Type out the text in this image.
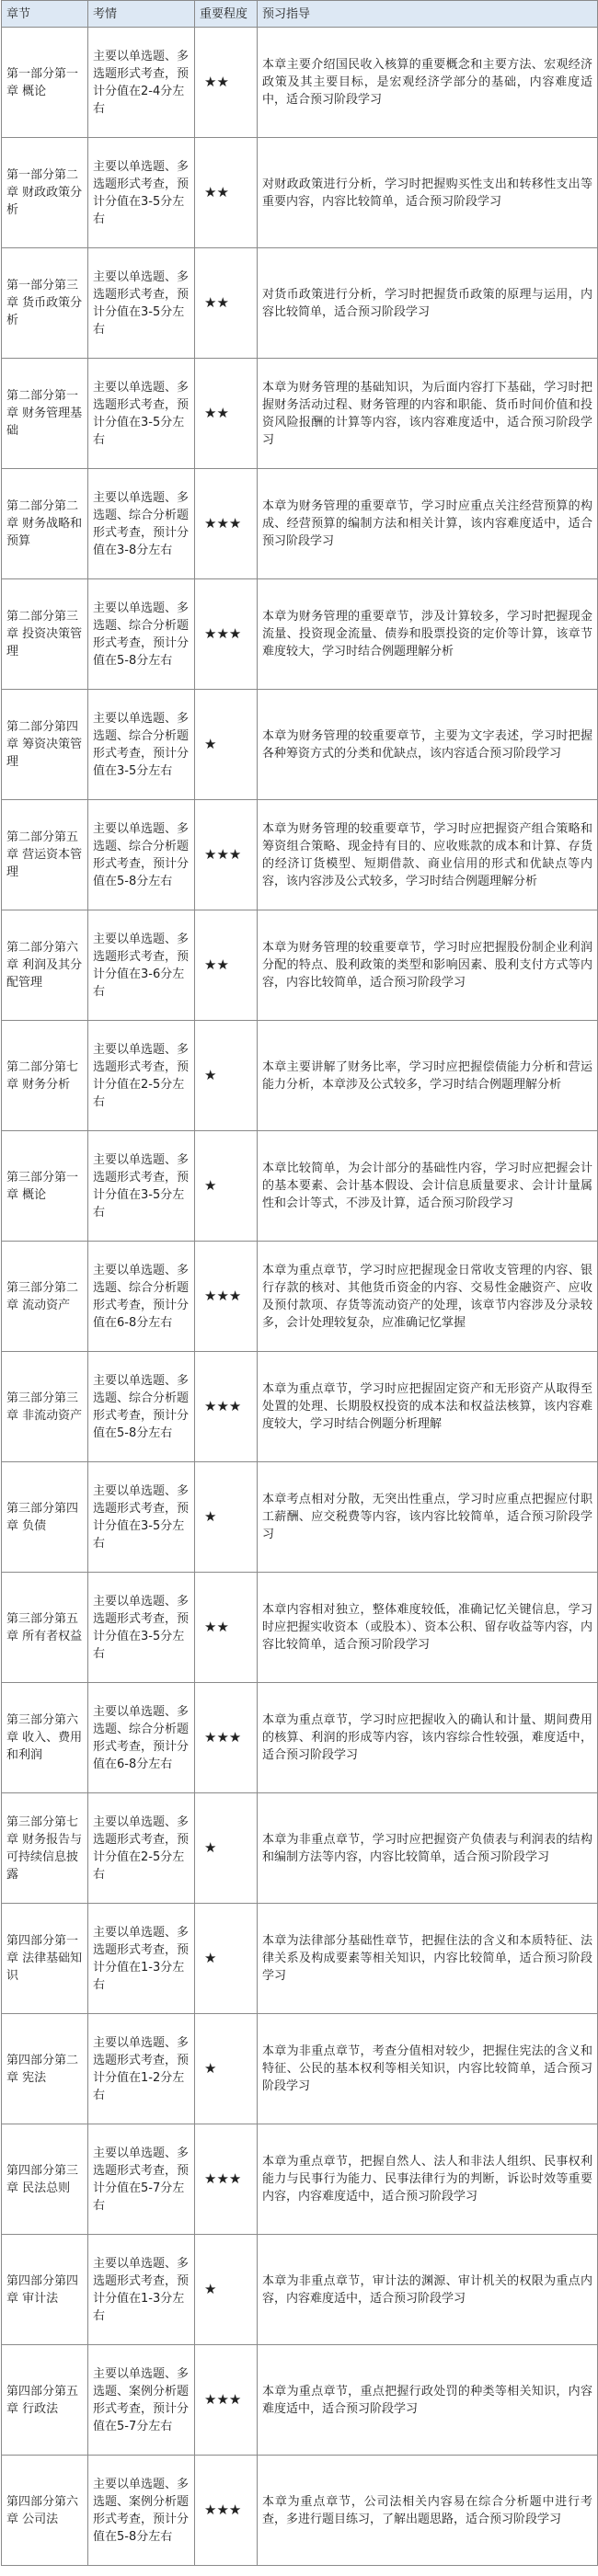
章节	考情	重要程度	预习指导
第一部分第一章 概论	主要以单选题、多选题形式考查，预计分值在2-4分左右	★★	本章主要介绍国民收入核算的重要概念和主要方法、宏观经济政策及其主要目标，是宏观经济学部分的基础，内容难度适中，适合预习阶段学习
第一部分第二章 财政政策分析	主要以单选题、多选题形式考查，预计分值在3-5分左右	★★	对财政政策进行分析，学习时把握购买性支出和转移性支出等重要内容，内容比较简单，适合预习阶段学习
第一部分第三章 货币政策分析	主要以单选题、多选题形式考查，预计分值在3-5分左右	★★	对货币政策进行分析，学习时把握货币政策的原理与运用，内容比较简单，适合预习阶段学习
第二部分第一章 财务管理基础	主要以单选题、多选题形式考查，预计分值在3-5分左右	★★	本章为财务管理的基础知识，为后面内容打下基础，学习时把握财务活动过程、财务管理的内容和职能、货币时间价值和投资风险报酬的计算等内容，该内容难度适中，适合预习阶段学习
第二部分第二章 财务战略和预算	主要以单选题、多选题、综合分析题形式考查，预计分值在3-8分左右	★★★	本章为财务管理的重要章节，学习时应重点关注经营预算的构成、经营预算的编制方法和相关计算，该内容难度适中，适合预习阶段学习
第二部分第三章 投资决策管理	主要以单选题、多选题、综合分析题形式考查，预计分值在5-8分左右	★★★	本章为财务管理的重要章节，涉及计算较多，学习时把握现金流量、投资现金流量、债券和股票投资的定价等计算，该章节难度较大，学习时结合例题理解分析
第二部分第四章 筹资决策管理	主要以单选题、多选题、综合分析题形式考查，预计分值在3-5分左右	★	本章为财务管理的较重要章节，主要为文字表述，学习时把握各种筹资方式的分类和优缺点，该内容适合预习阶段学习
第二部分第五章 营运资本管理	主要以单选题、多选题、综合分析题形式考查，预计分值在5-8分左右	★★★	本章为财务管理的较重要章节，学习时应把握资产组合策略和筹资组合策略、现金持有目的、应收账款的成本和计算、存货的经济订货模型、短期借款、商业信用的形式和优缺点等内容，该内容涉及公式较多，学习时结合例题理解分析
第二部分第六章 利润及其分配管理	主要以单选题、多选题形式考查，预计分值在3-6分左右	★★	本章为财务管理的较重要章节，学习时应把握股份制企业利润分配的特点、股利政策的类型和影响因素、股利支付方式等内容，内容比较简单，适合预习阶段学习
第二部分第七章 财务分析	主要以单选题、多选题形式考查，预计分值在2-5分左右	★	本章主要讲解了财务比率，学习时应把握偿债能力分析和营运能力分析，本章涉及公式较多，学习时结合例题理解分析
第三部分第一章 概论	主要以单选题、多选题形式考查，预计分值在3-5分左右	★	本章比较简单，为会计部分的基础性内容，学习时应把握会计的基本要素、会计基本假设、会计信息质量要求、会计计量属性和会计等式，不涉及计算，适合预习阶段学习
第三部分第二章 流动资产	主要以单选题、多选题、综合分析题形式考查，预计分值在6-8分左右	★★★	本章为重点章节，学习时应把握现金日常收支管理的内容、银行存款的核对、其他货币资金的内容、交易性金融资产、应收及预付款项、存货等流动资产的处理，该章节内容涉及分录较多，会计处理较复杂，应准确记忆掌握
第三部分第三章 非流动资产	主要以单选题、多选题、综合分析题形式考查，预计分值在5-8分左右	★★★	本章为重点章节，学习时应把握固定资产和无形资产从取得至处置的处理、长期股权投资的成本法和权益法核算，该内容难度较大，学习时结合例题分析理解
第三部分第四章 负债	主要以单选题、多选题形式考查，预计分值在3-5分左右	★	本章考点相对分散，无突出性重点，学习时应重点把握应付职工薪酬、应交税费等内容，该内容比较简单，适合预习阶段学习
第三部分第五章 所有者权益	主要以单选题、多选题形式考查，预计分值在3-5分左右	★★	本章内容相对独立，整体难度较低，准确记忆关键信息，学习时应把握实收资本（或股本）、资本公积、留存收益等内容，内容比较简单，适合预习阶段学习
第三部分第六章 收入、费用和利润	主要以单选题、多选题、综合分析题形式考查，预计分值在6-8分左右	★★★	本章为重点章节，学习时应把握收入的确认和计量、期间费用的核算、利润的形成等内容，该内容综合性较强，难度适中，适合预习阶段学习
第三部分第七章 财务报告与可持续信息披露	主要以单选题、多选题形式考查，预计分值在2-5分左右	★	本章为非重点章节，学习时应把握资产负债表与利润表的结构和编制方法等内容，内容比较简单，适合预习阶段学习
第四部分第一章 法律基础知识	主要以单选题、多选题形式考查，预计分值在1-3分左右	★	本章为法律部分基础性章节，把握住法的含义和本质特征、法律关系及构成要素等相关知识，内容比较简单，适合预习阶段学习
第四部分第二章 宪法	主要以单选题、多选题形式考查，预计分值在1-2分左右	★	本章为非重点章节，考查分值相对较少，把握住宪法的含义和特征、公民的基本权利等相关知识，内容比较简单，适合预习阶段学习
第四部分第三章 民法总则	主要以单选题、多选题形式考查，预计分值在5-7分左右	★★★	本章为重点章节，把握自然人、法人和非法人组织、民事权利能力与民事行为能力、民事法律行为的判断，诉讼时效等重要内容，内容难度适中，适合预习阶段学习
第四部分第四章 审计法	主要以单选题、多选题形式考查，预计分值在1-3分左右	★	本章为非重点章节，审计法的渊源、审计机关的权限为重点内容，内容难度适中，适合预习阶段学习
第四部分第五章 行政法	主要以单选题、多选题、案例分析题形式考查，预计分值在5-7分左右	★★★	本章为重点章节，重点把握行政处罚的种类等相关知识，内容难度适中，适合预习阶段学习
第四部分第六章 公司法	主要以单选题、多选题、案例分析题形式考查，预计分值在5-8分左右	★★★	本章为重点章节，公司法相关内容易在综合分析题中进行考查，多进行题目练习，了解出题思路，适合预习阶段学习
